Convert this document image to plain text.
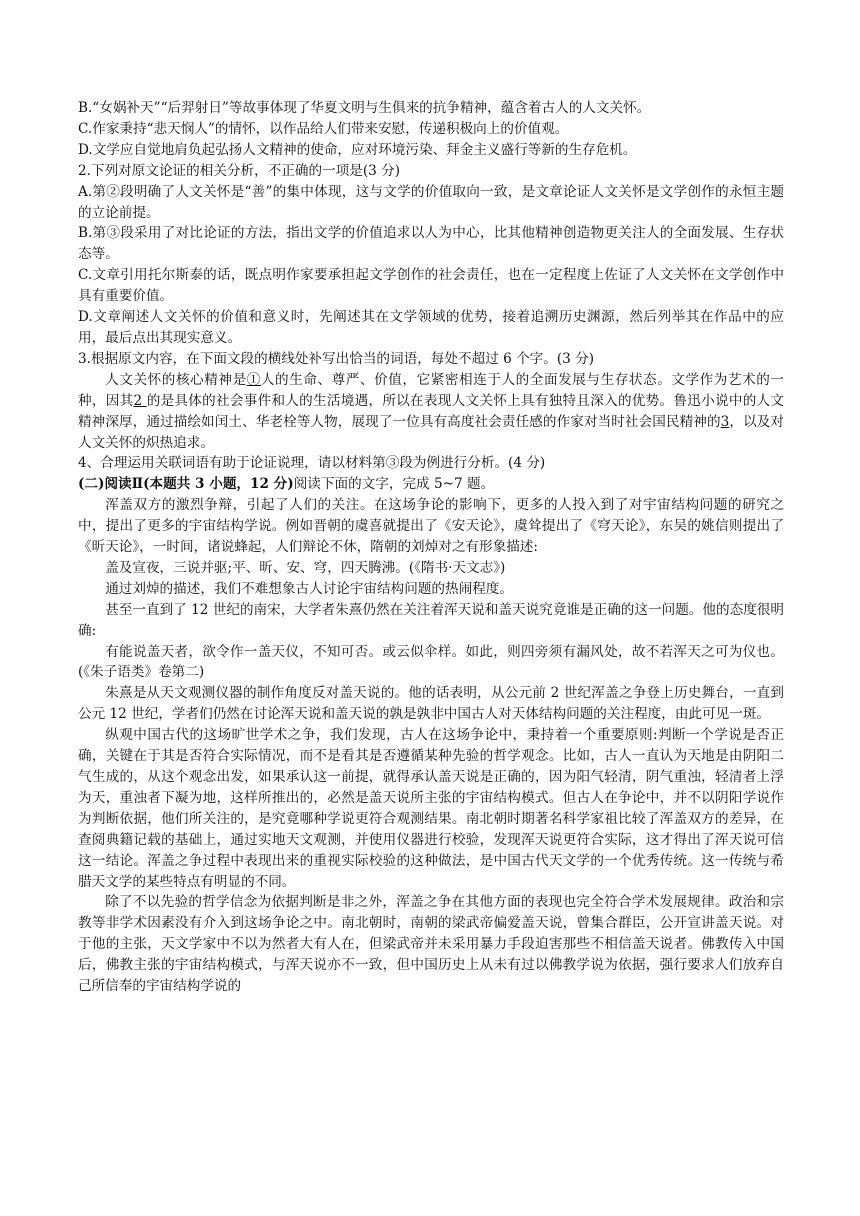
B.“女娲补天”“后羿射日”等故事体现了华夏文明与生俱来的抗争精神，蕴含着古人的人文关怀。

C.作家秉持“悲天悯人”的情怀，以作品给人们带来安慰，传递积极向上的价值观。

D.文学应自觉地肩负起弘扬人文精神的使命，应对环境污染、拜金主义盛行等新的生存危机。

2.下列对原文论证的相关分析，不正确的一项是(3 分)

A.第②段明确了人文关怀是“善”的集中体现，这与文学的价值取向一致，是文章论证人文关怀是文学创作的永恒主题的立论前提。

B.第③段采用了对比论证的方法，指出文学的价值追求以人为中心，比其他精神创造物更关注人的全面发展、生存状态等。

C.文章引用托尔斯泰的话，既点明作家要承担起文学创作的社会责任，也在一定程度上佐证了人文关怀在文学创作中具有重要价值。

D.文章阐述人文关怀的价值和意义时，先阐述其在文学领域的优势，接着追溯历史渊源，然后列举其在作品中的应用，最后点出其现实意义。

3.根据原文内容，在下面文段的横线处补写出恰当的词语，每处不超过 6 个字。(3 分)

人文关怀的核心精神是①人的生命、尊严、价值，它紧密相连于人的全面发展与生存状态。文学作为艺术的一种，因其2 的是具体的社会事件和人的生活境遇，所以在表现人文关怀上具有独特且深入的优势。鲁迅小说中的人文精神深厚，通过描绘如闰土、华老栓等人物，展现了一位具有高度社会责任感的作家对当时社会国民精神的3，以及对人文关怀的炽热追求。

4、合理运用关联词语有助于论证说理，请以材料第③段为例进行分析。(4 分)

(二)阅读Ⅱ(本题共 3 小题，12 分)阅读下面的文字，完成 5~7 题。

浑盖双方的激烈争辩，引起了人们的关注。在这场争论的影响下，更多的人投入到了对宇宙结构问题的研究之中，提出了更多的宇宙结构学说。例如晋朝的虞喜就提出了《安天论》，虞耸提出了《穹天论》，东吴的姚信则提出了《昕天论》，一时间，诸说蜂起，人们辩论不休，隋朝的刘焯对之有形象描述:

盖及宣夜，三说并驱;平、昕、安、穹，四天腾沸。(《隋书·天文志》)

通过刘焯的描述，我们不难想象古人讨论宇宙结构问题的热闹程度。

甚至一直到了 12 世纪的南宋，大学者朱熹仍然在关注着浑天说和盖天说究竟谁是正确的这一问题。他的态度很明确:

有能说盖天者，欲令作一盖天仪，不知可否。或云似伞样。如此，则四旁须有漏风处，故不若浑天之可为仪也。(《朱子语类》卷第二)

朱熹是从天文观测仪器的制作角度反对盖天说的。他的话表明，从公元前 2 世纪浑盖之争登上历史舞台，一直到公元 12 世纪，学者们仍然在讨论浑天说和盖天说的孰是孰非中国古人对天体结构问题的关注程度，由此可见一斑。

纵观中国古代的这场旷世学术之争，我们发现，古人在这场争论中，秉持着一个重要原则:判断一个学说是否正确，关键在于其是否符合实际情况，而不是看其是否遵循某种先验的哲学观念。比如，古人一直认为天地是由阴阳二气生成的，从这个观念出发，如果承认这一前提，就得承认盖天说是正确的，因为阳气轻清，阴气重浊，轻清者上浮为天，重浊者下凝为地，这样所推出的，必然是盖天说所主张的宇宙结构模式。但古人在争论中，并不以阴阳学说作为判断依据，他们所关注的，是究竟哪种学说更符合观测结果。南北朝时期著名科学家祖比较了浑盖双方的差异，在查阅典籍记载的基础上，通过实地天文观测，并使用仪器进行校验，发现浑天说更符合实际，这才得出了浑天说可信这一结论。浑盖之争过程中表现出来的重视实际校验的这种做法，是中国古代天文学的一个优秀传统。这一传统与希腊天文学的某些特点有明显的不同。

除了不以先验的哲学信念为依据判断是非之外，浑盖之争在其他方面的表现也完全符合学术发展规律。政治和宗教等非学术因素没有介入到这场争论之中。南北朝时，南朝的梁武帝偏爱盖天说，曾集合群臣，公开宣讲盖天说。对于他的主张，天文学家中不以为然者大有人在，但梁武帝并未采用暴力手段迫害那些不相信盖天说者。佛教传入中国后，佛教主张的宇宙结构模式，与浑天说亦不一致，但中国历史上从未有过以佛教学说为依据，强行要求人们放弃自己所信奉的宇宙结构学说的
